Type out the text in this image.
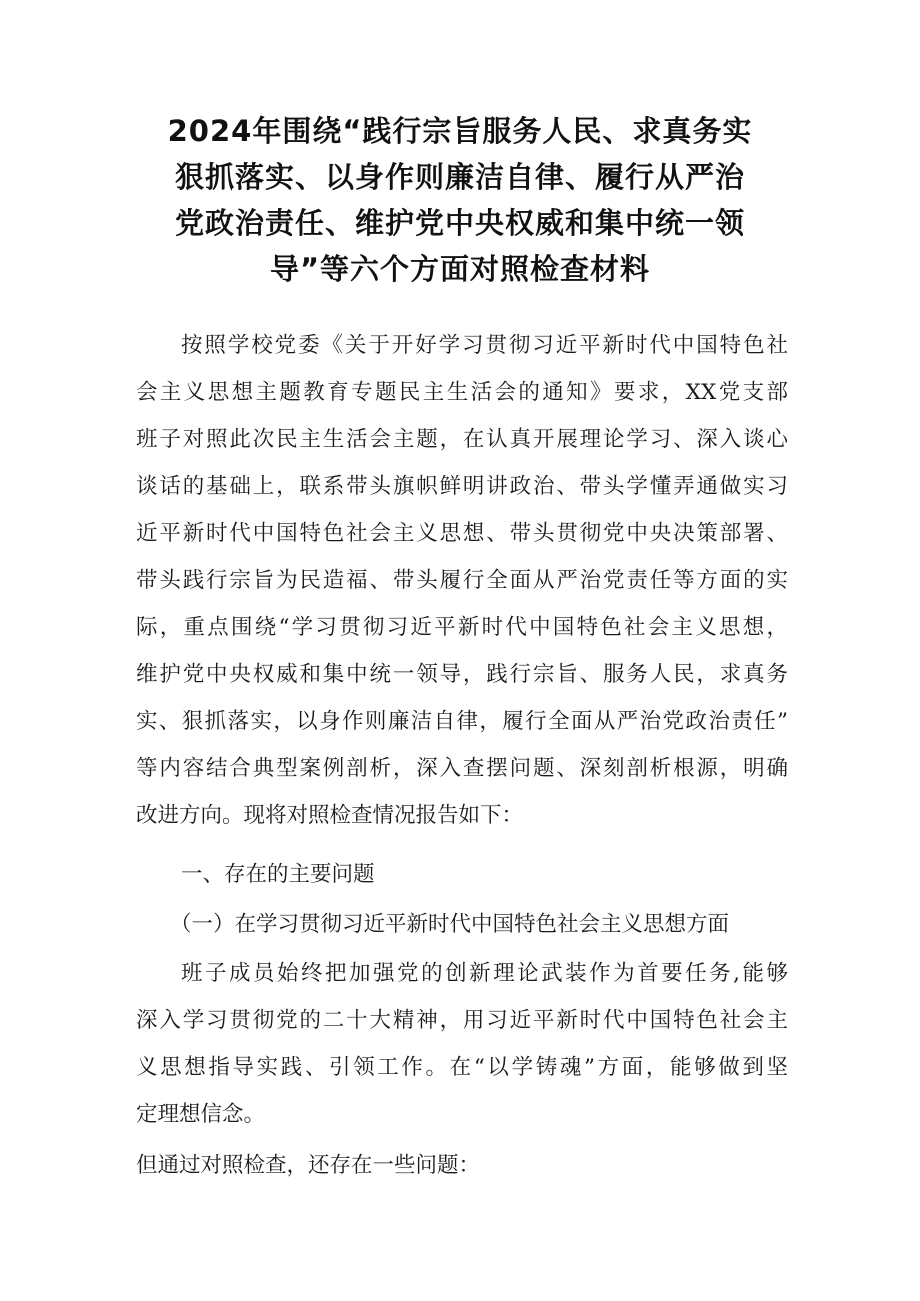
2024年围绕“践行宗旨服务人民、求真务实
狠抓落实、以身作则廉洁自律、履行从严治
党政治责任、维护党中央权威和集中统一领
导”等六个方面对照检查材料
按照学校党委《关于开好学习贯彻习近平新时代中国特色社
会主义思想主题教育专题民主生活会的通知》要求，XX党支部
班子对照此次民主生活会主题，在认真开展理论学习、深入谈心
谈话的基础上，联系带头旗帜鲜明讲政治、带头学懂弄通做实习
近平新时代中国特色社会主义思想、带头贯彻党中央决策部署、
带头践行宗旨为民造福、带头履行全面从严治党责任等方面的实
际，重点围绕“学习贯彻习近平新时代中国特色社会主义思想，
维护党中央权威和集中统一领导，践行宗旨、服务人民，求真务
实、狠抓落实，以身作则廉洁自律，履行全面从严治党政治责任”
等内容结合典型案例剖析，深入查摆问题、深刻剖析根源，明确
改进方向。现将对照检查情况报告如下：
一、存在的主要问题
（一）在学习贯彻习近平新时代中国特色社会主义思想方面
班子成员始终把加强党的创新理论武装作为首要任务,能够
深入学习贯彻党的二十大精神，用习近平新时代中国特色社会主
义思想指导实践、引领工作。在“以学铸魂”方面，能够做到坚
定理想信念。
但通过对照检查，还存在一些问题：
